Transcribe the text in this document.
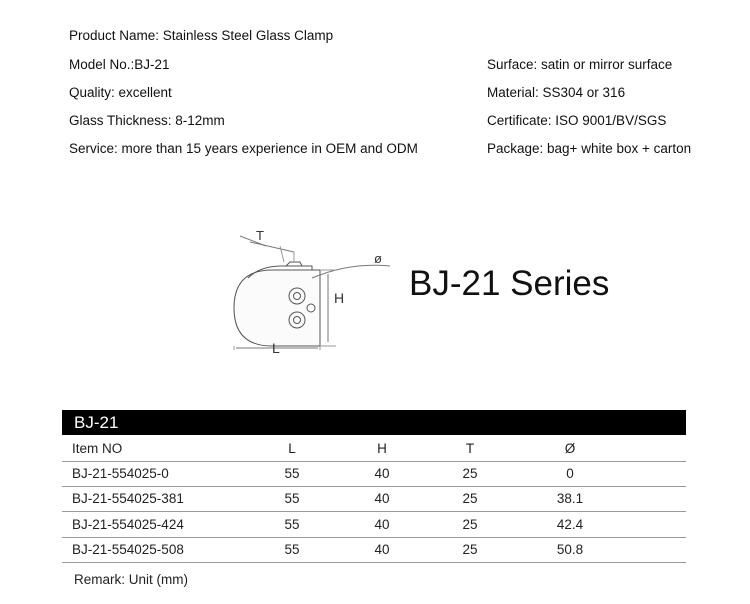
Product Name: Stainless Steel Glass Clamp
Model No.:BJ-21
Quality: excellent
Glass Thickness: 8-12mm
Service: more than 15 years experience in OEM and ODM
Surface: satin or mirror surface
Material: SS304 or 316
Certificate: ISO 9001/BV/SGS
Package: bag+ white box + carton
T
ø
H
L
BJ-21 Series
BJ-21
Item NO	L	H	T	Ø
BJ-21-554025-0	55	40	25	0
BJ-21-554025-381	55	40	25	38.1
BJ-21-554025-424	55	40	25	42.4
BJ-21-554025-508	55	40	25	50.8
Remark: Unit (mm)
